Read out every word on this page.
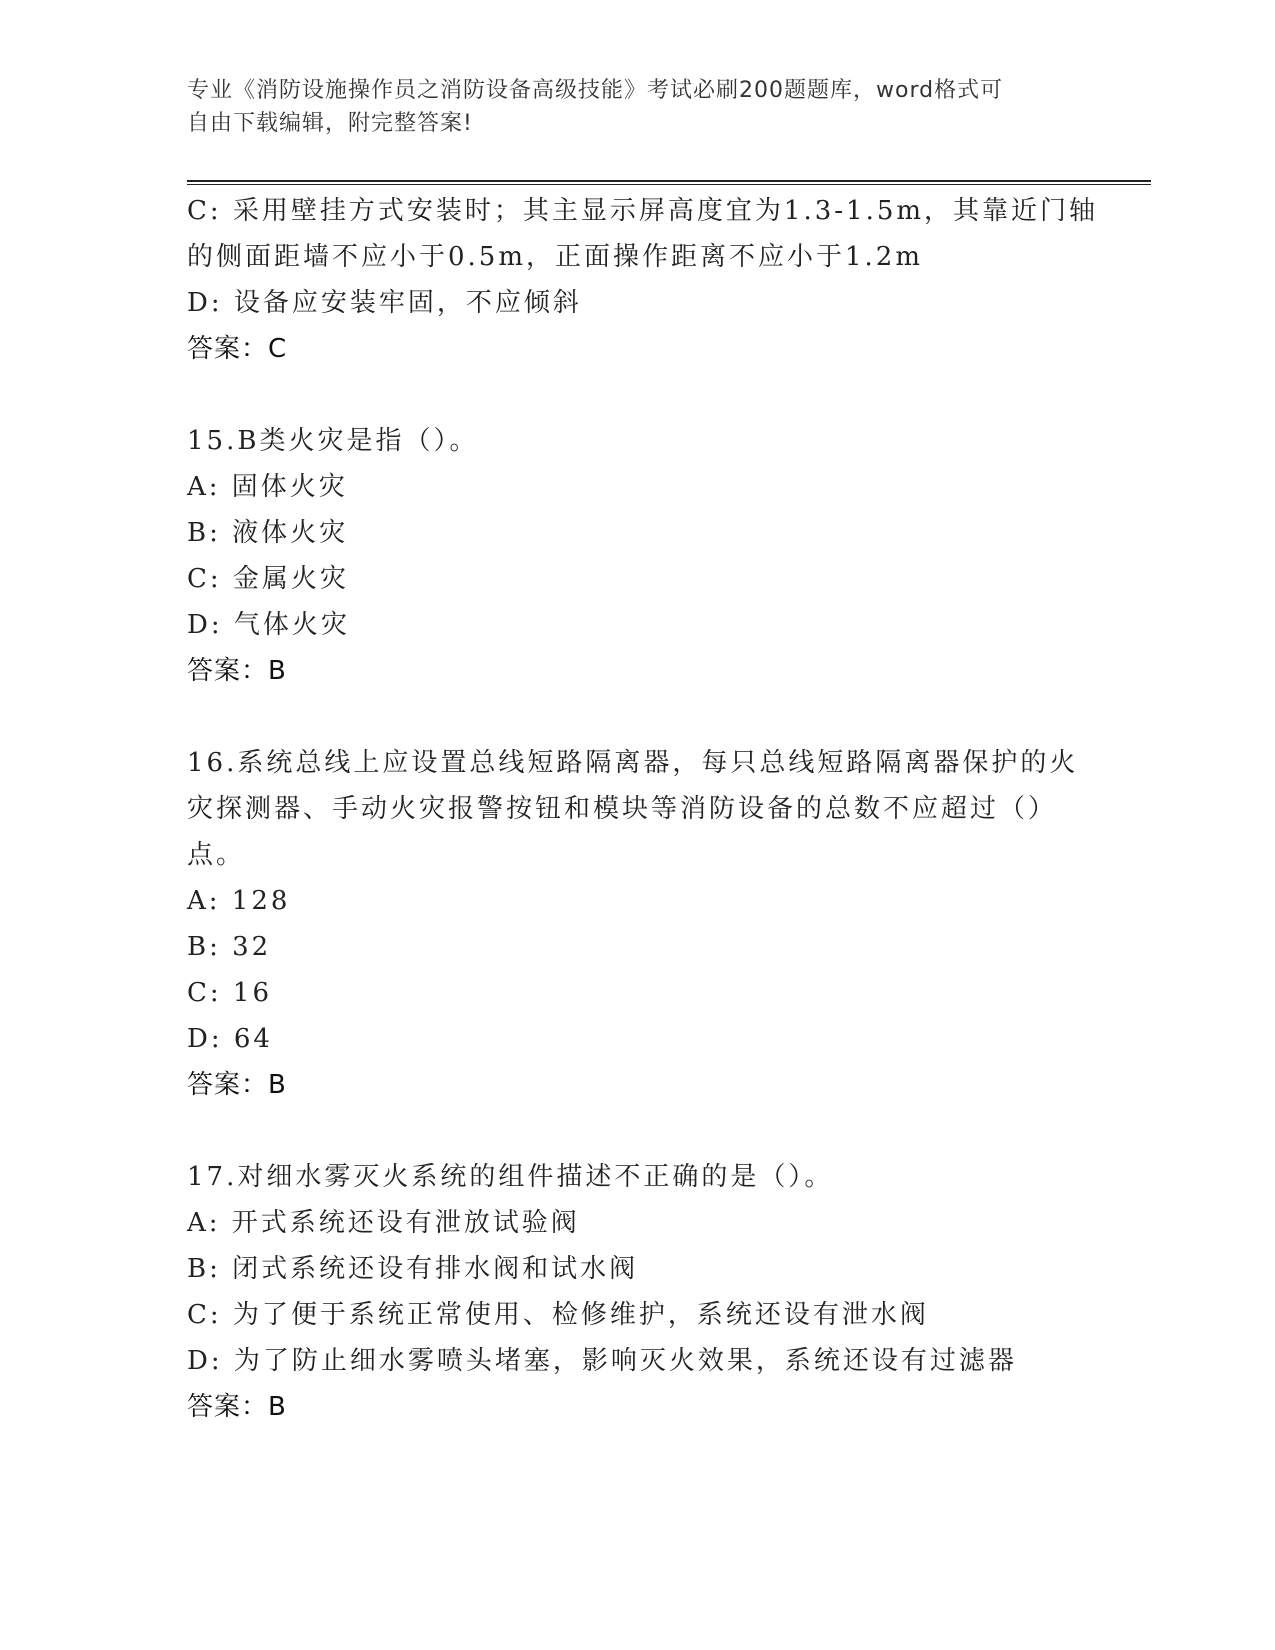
专业《消防设施操作员之消防设备高级技能》考试必刷200题题库，word格式可
自由下载编辑，附完整答案!
C: 采用壁挂方式安装时；其主显示屏高度宜为1.3-1.5m，其靠近门轴
的侧面距墙不应小于0.5m，正面操作距离不应小于1.2m
D: 设备应安装牢固，不应倾斜
答案：C
15.B类火灾是指（）。
A: 固体火灾
B: 液体火灾
C: 金属火灾
D: 气体火灾
答案：B
16.系统总线上应设置总线短路隔离器，每只总线短路隔离器保护的火
灾探测器、手动火灾报警按钮和模块等消防设备的总数不应超过（）
点。
A: 128
B: 32
C: 16
D: 64
答案：B
17.对细水雾灭火系统的组件描述不正确的是（）。
A: 开式系统还设有泄放试验阀
B: 闭式系统还设有排水阀和试水阀
C: 为了便于系统正常使用、检修维护，系统还设有泄水阀
D: 为了防止细水雾喷头堵塞，影响灭火效果，系统还设有过滤器
答案：B
